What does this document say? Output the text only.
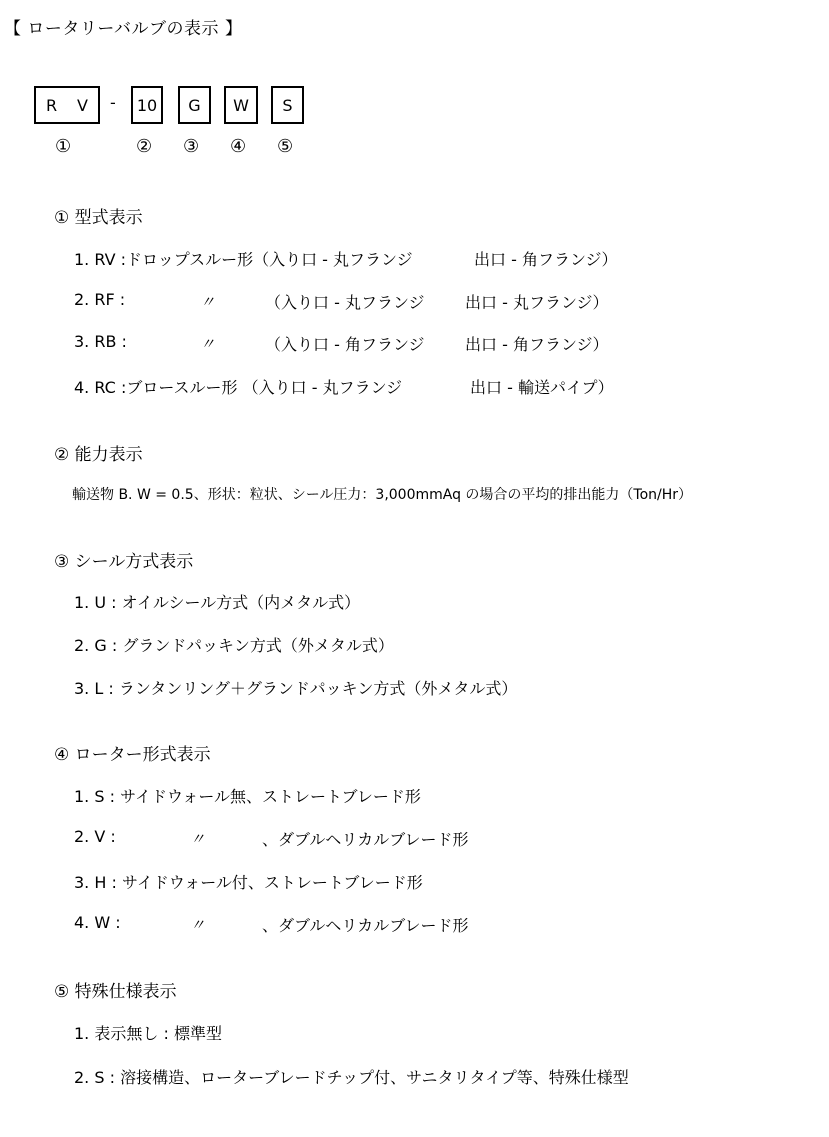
【 ロータリーバルブの表示 】
R V - 10 G W S
①	② ③ ④ ⑤
① 型式表示
1. RV :ドロップスルー形（入り口 - 丸フランジ	出口 - 角フランジ）
2. RF :	〃	（入り口 - 丸フランジ	出口 - 丸フランジ）
3. RB :	〃	（入り口 - 角フランジ	出口 - 角フランジ）
4. RC :ブロースルー形 （入り口 - 丸フランジ	出口 - 輸送パイプ）
② 能力表示
輸送物 B. W = 0.5、形状：粒状、シール圧力：3,000mmAq の場合の平均的排出能力（Ton/Hr）
③ シール方式表示
1. U : オイルシール方式（内メタル式）
2. G : グランドパッキン方式（外メタル式）
3. L : ランタンリング＋グランドパッキン方式（外メタル式）
④ ローター形式表示
1. S : サイドウォール無、ストレートブレード形
2. V :	〃	、ダブルヘリカルブレード形
3. H : サイドウォール付、ストレートブレード形
4. W :	〃	、ダブルヘリカルブレード形
⑤ 特殊仕様表示
1. 表示無し : 標準型
2. S : 溶接構造、ローターブレードチップ付、サニタリタイプ等、特殊仕様型
